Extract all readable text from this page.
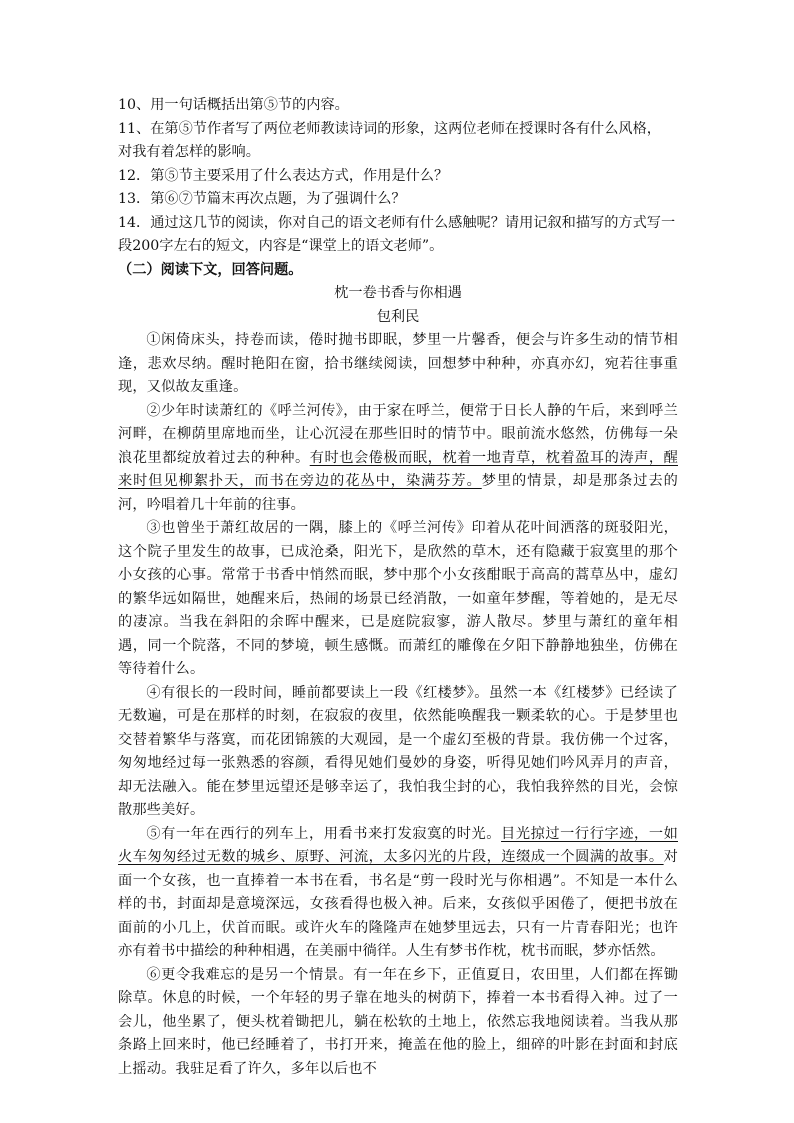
10、用一句话概括出第⑤节的内容。

11、在第⑤节作者写了两位老师教读诗词的形象，这两位老师在授课时各有什么风格，

对我有着怎样的影响。

12．第⑤节主要采用了什么表达方式，作用是什么？

13．第⑥⑦节篇末再次点题，为了强调什么？

14．通过这几节的阅读，你对自己的语文老师有什么感触呢？请用记叙和描写的方式写一段200字左右的短文，内容是“课堂上的语文老师”。

（二）阅读下文，回答问题。

枕一卷书香与你相遇

包利民

①闲倚床头，持卷而读，倦时抛书即眠，梦里一片馨香，便会与许多生动的情节相逢，悲欢尽纳。醒时艳阳在窗，拾书继续阅读，回想梦中种种，亦真亦幻，宛若往事重现，又似故友重逢。

②少年时读萧红的《呼兰河传》，由于家在呼兰，便常于日长人静的午后，来到呼兰河畔，在柳荫里席地而坐，让心沉浸在那些旧时的情节中。眼前流水悠然，仿佛每一朵浪花里都绽放着过去的种种。有时也会倦极而眠，枕着一地青草，枕着盈耳的涛声，醒来时但见柳絮扑天，而书在旁边的花丛中，染满芬芳。梦里的情景，却是那条过去的河，吟唱着几十年前的往事。

③也曾坐于萧红故居的一隅，膝上的《呼兰河传》印着从花叶间洒落的斑驳阳光，这个院子里发生的故事，已成沧桑，阳光下，是欣然的草木，还有隐藏于寂寞里的那个小女孩的心事。常常于书香中悄然而眠，梦中那个小女孩酣眠于高高的蒿草丛中，虚幻的繁华远如隔世，她醒来后，热闹的场景已经消散，一如童年梦醒，等着她的，是无尽的凄凉。当我在斜阳的余晖中醒来，已是庭院寂寥，游人散尽。梦里与萧红的童年相遇，同一个院落，不同的梦境，顿生感慨。而萧红的雕像在夕阳下静静地独坐，仿佛在等待着什么。

④有很长的一段时间，睡前都要读上一段《红楼梦》。虽然一本《红楼梦》已经读了无数遍，可是在那样的时刻，在寂寂的夜里，依然能唤醒我一颗柔软的心。于是梦里也交替着繁华与落寞，而花团锦簇的大观园，是一个虚幻至极的背景。我仿佛一个过客，匆匆地经过每一张熟悉的容颜，看得见她们曼妙的身姿，听得见她们吟风弄月的声音，却无法融入。能在梦里远望还是够幸运了，我怕我尘封的心，我怕我猝然的目光，会惊散那些美好。

⑤有一年在西行的列车上，用看书来打发寂寞的时光。目光掠过一行行字迹，一如火车匆匆经过无数的城乡、原野、河流，太多闪光的片段，连缀成一个圆满的故事。对面一个女孩，也一直捧着一本书在看，书名是“剪一段时光与你相遇”。不知是一本什么样的书，封面却是意境深远，女孩看得也极入神。后来，女孩似乎困倦了，便把书放在面前的小几上，伏首而眠。或许火车的隆隆声在她梦里远去，只有一片青春阳光；也许亦有着书中描绘的种种相遇，在美丽中徜徉。人生有梦书作枕，枕书而眠，梦亦恬然。

⑥更令我难忘的是另一个情景。有一年在乡下，正值夏日，农田里，人们都在挥锄除草。休息的时候，一个年轻的男子靠在地头的树荫下，捧着一本书看得入神。过了一会儿，他坐累了，便头枕着锄把儿，躺在松软的土地上，依然忘我地阅读着。当我从那条路上回来时，他已经睡着了，书打开来，掩盖在他的脸上，细碎的叶影在封面和封底上摇动。我驻足看了许久，多年以后也不
